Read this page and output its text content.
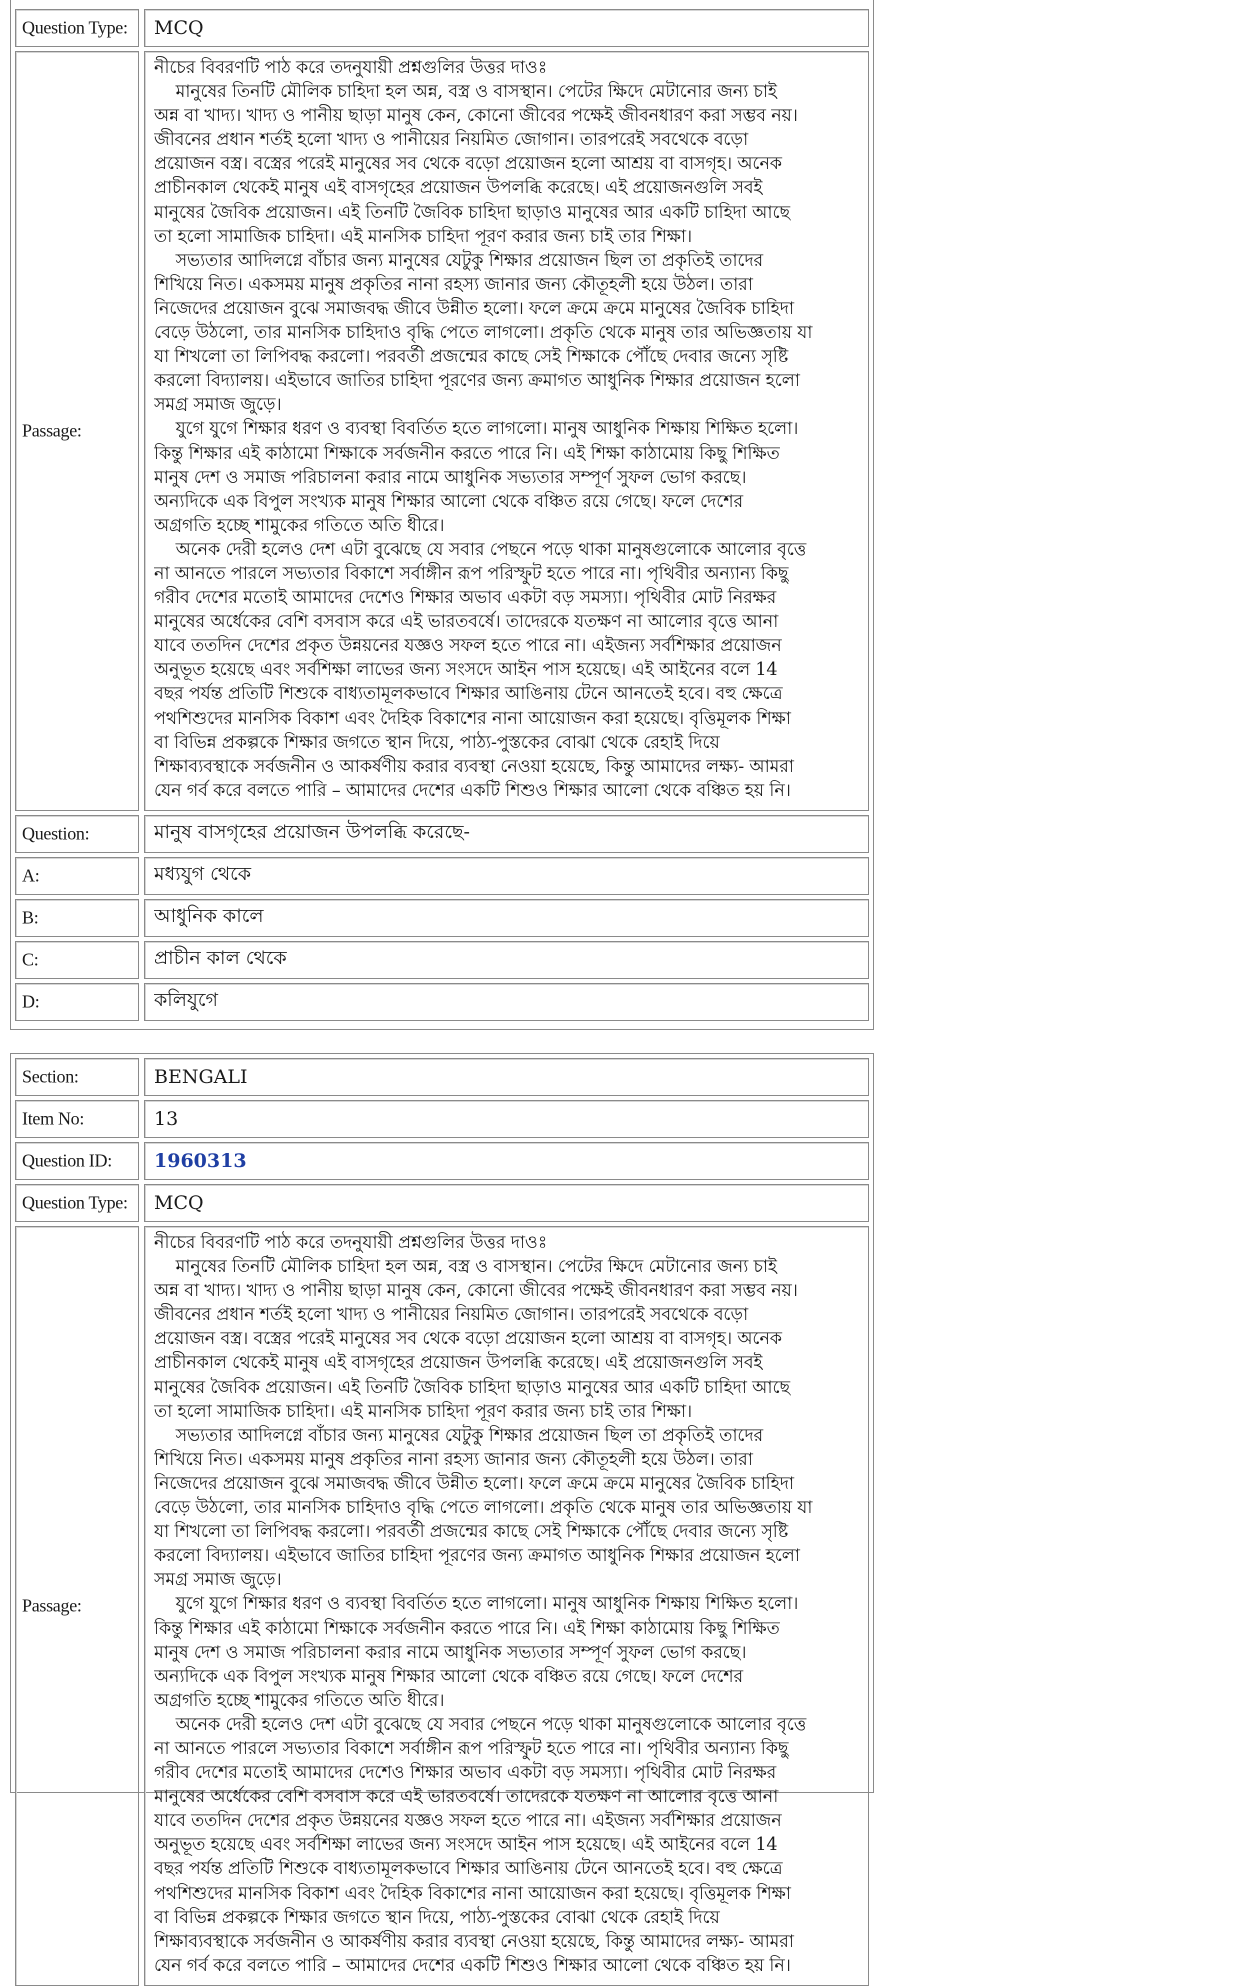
Question Type: MCQ
Passage:
নীচের বিবরণটি পাঠ করে তদনুযায়ী প্রশ্নগুলির উত্তর দাওঃ
মানুষের তিনটি মৌলিক চাহিদা হল অন্ন, বস্ত্র ও বাসস্থান। পেটের ক্ষিদে মেটানোর জন্য চাই
অন্ন বা খাদ্য। খাদ্য ও পানীয় ছাড়া মানুষ কেন, কোনো জীবের পক্ষেই জীবনধারণ করা সম্ভব নয়।
জীবনের প্রধান শর্তই হলো খাদ্য ও পানীয়ের নিয়মিত জোগান। তারপরেই সবথেকে বড়ো
প্রয়োজন বস্ত্র। বস্ত্রের পরেই মানুষের সব থেকে বড়ো প্রয়োজন হলো আশ্রয় বা বাসগৃহ। অনেক
প্রাচীনকাল থেকেই মানুষ এই বাসগৃহের প্রয়োজন উপলব্ধি করেছে। এই প্রয়োজনগুলি সবই
মানুষের জৈবিক প্রয়োজন। এই তিনটি জৈবিক চাহিদা ছাড়াও মানুষের আর একটি চাহিদা আছে
তা হলো সামাজিক চাহিদা। এই মানসিক চাহিদা পূরণ করার জন্য চাই তার শিক্ষা।
সভ্যতার আদিলগ্নে বাঁচার জন্য মানুষের যেটুকু শিক্ষার প্রয়োজন ছিল তা প্রকৃতিই তাদের
শিখিয়ে নিত। একসময় মানুষ প্রকৃতির নানা রহস্য জানার জন্য কৌতূহলী হয়ে উঠল। তারা
নিজেদের প্রয়োজন বুঝে সমাজবদ্ধ জীবে উন্নীত হলো। ফলে ক্রমে ক্রমে মানুষের জৈবিক চাহিদা
বেড়ে উঠলো, তার মানসিক চাহিদাও বৃদ্ধি পেতে লাগলো। প্রকৃতি থেকে মানুষ তার অভিজ্ঞতায় যা
যা শিখলো তা লিপিবদ্ধ করলো। পরবর্তী প্রজন্মের কাছে সেই শিক্ষাকে পৌঁছে দেবার জন্যে সৃষ্টি
করলো বিদ্যালয়। এইভাবে জাতির চাহিদা পূরণের জন্য ক্রমাগত আধুনিক শিক্ষার প্রয়োজন হলো
সমগ্র সমাজ জুড়ে।
যুগে যুগে শিক্ষার ধরণ ও ব্যবস্থা বিবর্তিত হতে লাগলো। মানুষ আধুনিক শিক্ষায় শিক্ষিত হলো।
কিন্তু শিক্ষার এই কাঠামো শিক্ষাকে সর্বজনীন করতে পারে নি। এই শিক্ষা কাঠামোয় কিছু শিক্ষিত
মানুষ দেশ ও সমাজ পরিচালনা করার নামে আধুনিক সভ্যতার সম্পূর্ণ সুফল ভোগ করছে।
অন্যদিকে এক বিপুল সংখ্যক মানুষ শিক্ষার আলো থেকে বঞ্চিত রয়ে গেছে। ফলে দেশের
অগ্রগতি হচ্ছে শামুকের গতিতে অতি ধীরে।
অনেক দেরী হলেও দেশ এটা বুঝেছে যে সবার পেছনে পড়ে থাকা মানুষগুলোকে আলোর বৃত্তে
না আনতে পারলে সভ্যতার বিকাশে সর্বাঙ্গীন রূপ পরিস্ফুট হতে পারে না। পৃথিবীর অন্যান্য কিছু
গরীব দেশের মতোই আমাদের দেশেও শিক্ষার অভাব একটা বড় সমস্যা। পৃথিবীর মোট নিরক্ষর
মানুষের অর্ধেকের বেশি বসবাস করে এই ভারতবর্ষে। তাদেরকে যতক্ষণ না আলোর বৃত্তে আনা
যাবে ততদিন দেশের প্রকৃত উন্নয়নের যজ্ঞও সফল হতে পারে না। এইজন্য সর্বশিক্ষার প্রয়োজন
অনুভূত হয়েছে এবং সর্বশিক্ষা লাভের জন্য সংসদে আইন পাস হয়েছে। এই আইনের বলে 14
বছর পর্যন্ত প্রতিটি শিশুকে বাধ্যতামূলকভাবে শিক্ষার আঙিনায় টেনে আনতেই হবে। বহু ক্ষেত্রে
পথশিশুদের মানসিক বিকাশ এবং দৈহিক বিকাশের নানা আয়োজন করা হয়েছে। বৃত্তিমূলক শিক্ষা
বা বিভিন্ন প্রকল্পকে শিক্ষার জগতে স্থান দিয়ে, পাঠ্য-পুস্তকের বোঝা থেকে রেহাই দিয়ে
শিক্ষাব্যবস্থাকে সর্বজনীন ও আকর্ষণীয় করার ব্যবস্থা নেওয়া হয়েছে, কিন্তু আমাদের লক্ষ্য- আমরা
যেন গর্ব করে বলতে পারি – আমাদের দেশের একটি শিশুও শিক্ষার আলো থেকে বঞ্চিত হয় নি।
Question:	মানুষ বাসগৃহের প্রয়োজন উপলব্ধি করেছে-
A:	মধ্যযুগ থেকে
B:	আধুনিক কালে
C:	প্রাচীন কাল থেকে
D:	কলিযুগে
Section:	BENGALI
Item No:	13
Question ID:	1960313
Question Type: MCQ
Passage:
নীচের বিবরণটি পাঠ করে তদনুযায়ী প্রশ্নগুলির উত্তর দাওঃ
মানুষের তিনটি মৌলিক চাহিদা হল অন্ন, বস্ত্র ও বাসস্থান। পেটের ক্ষিদে মেটানোর জন্য চাই
অন্ন বা খাদ্য। খাদ্য ও পানীয় ছাড়া মানুষ কেন, কোনো জীবের পক্ষেই জীবনধারণ করা সম্ভব নয়।
জীবনের প্রধান শর্তই হলো খাদ্য ও পানীয়ের নিয়মিত জোগান। তারপরেই সবথেকে বড়ো
প্রয়োজন বস্ত্র। বস্ত্রের পরেই মানুষের সব থেকে বড়ো প্রয়োজন হলো আশ্রয় বা বাসগৃহ। অনেক
প্রাচীনকাল থেকেই মানুষ এই বাসগৃহের প্রয়োজন উপলব্ধি করেছে। এই প্রয়োজনগুলি সবই
মানুষের জৈবিক প্রয়োজন। এই তিনটি জৈবিক চাহিদা ছাড়াও মানুষের আর একটি চাহিদা আছে
তা হলো সামাজিক চাহিদা। এই মানসিক চাহিদা পূরণ করার জন্য চাই তার শিক্ষা।
সভ্যতার আদিলগ্নে বাঁচার জন্য মানুষের যেটুকু শিক্ষার প্রয়োজন ছিল তা প্রকৃতিই তাদের
শিখিয়ে নিত। একসময় মানুষ প্রকৃতির নানা রহস্য জানার জন্য কৌতূহলী হয়ে উঠল। তারা
নিজেদের প্রয়োজন বুঝে সমাজবদ্ধ জীবে উন্নীত হলো। ফলে ক্রমে ক্রমে মানুষের জৈবিক চাহিদা
বেড়ে উঠলো, তার মানসিক চাহিদাও বৃদ্ধি পেতে লাগলো। প্রকৃতি থেকে মানুষ তার অভিজ্ঞতায় যা
যা শিখলো তা লিপিবদ্ধ করলো। পরবর্তী প্রজন্মের কাছে সেই শিক্ষাকে পৌঁছে দেবার জন্যে সৃষ্টি
করলো বিদ্যালয়। এইভাবে জাতির চাহিদা পূরণের জন্য ক্রমাগত আধুনিক শিক্ষার প্রয়োজন হলো
সমগ্র সমাজ জুড়ে।
যুগে যুগে শিক্ষার ধরণ ও ব্যবস্থা বিবর্তিত হতে লাগলো। মানুষ আধুনিক শিক্ষায় শিক্ষিত হলো।
কিন্তু শিক্ষার এই কাঠামো শিক্ষাকে সর্বজনীন করতে পারে নি। এই শিক্ষা কাঠামোয় কিছু শিক্ষিত
মানুষ দেশ ও সমাজ পরিচালনা করার নামে আধুনিক সভ্যতার সম্পূর্ণ সুফল ভোগ করছে।
অন্যদিকে এক বিপুল সংখ্যক মানুষ শিক্ষার আলো থেকে বঞ্চিত রয়ে গেছে। ফলে দেশের
অগ্রগতি হচ্ছে শামুকের গতিতে অতি ধীরে।
অনেক দেরী হলেও দেশ এটা বুঝেছে যে সবার পেছনে পড়ে থাকা মানুষগুলোকে আলোর বৃত্তে
না আনতে পারলে সভ্যতার বিকাশে সর্বাঙ্গীন রূপ পরিস্ফুট হতে পারে না। পৃথিবীর অন্যান্য কিছু
গরীব দেশের মতোই আমাদের দেশেও শিক্ষার অভাব একটা বড় সমস্যা। পৃথিবীর মোট নিরক্ষর
মানুষের অর্ধেকের বেশি বসবাস করে এই ভারতবর্ষে। তাদেরকে যতক্ষণ না আলোর বৃত্তে আনা
যাবে ততদিন দেশের প্রকৃত উন্নয়নের যজ্ঞও সফল হতে পারে না। এইজন্য সর্বশিক্ষার প্রয়োজন
অনুভূত হয়েছে এবং সর্বশিক্ষা লাভের জন্য সংসদে আইন পাস হয়েছে। এই আইনের বলে 14
বছর পর্যন্ত প্রতিটি শিশুকে বাধ্যতামূলকভাবে শিক্ষার আঙিনায় টেনে আনতেই হবে। বহু ক্ষেত্রে
পথশিশুদের মানসিক বিকাশ এবং দৈহিক বিকাশের নানা আয়োজন করা হয়েছে। বৃত্তিমূলক শিক্ষা
বা বিভিন্ন প্রকল্পকে শিক্ষার জগতে স্থান দিয়ে, পাঠ্য-পুস্তকের বোঝা থেকে রেহাই দিয়ে
শিক্ষাব্যবস্থাকে সর্বজনীন ও আকর্ষণীয় করার ব্যবস্থা নেওয়া হয়েছে, কিন্তু আমাদের লক্ষ্য- আমরা
যেন গর্ব করে বলতে পারি – আমাদের দেশের একটি শিশুও শিক্ষার আলো থেকে বঞ্চিত হয় নি।
